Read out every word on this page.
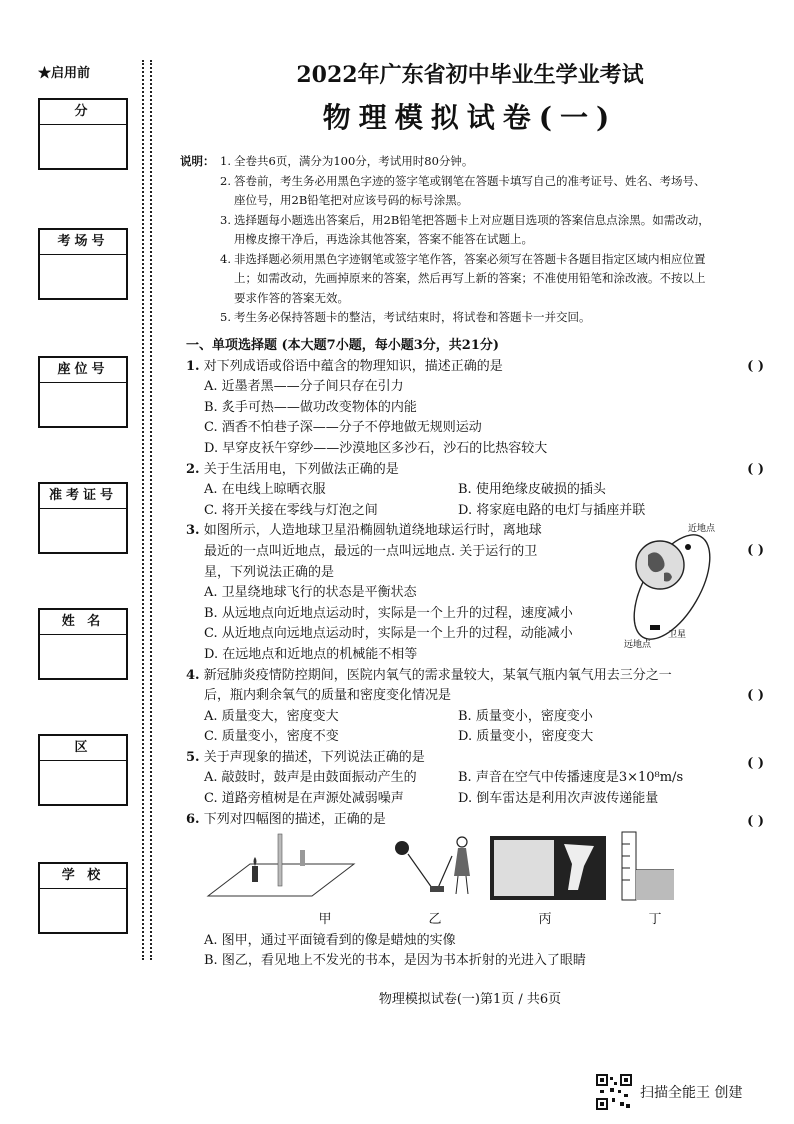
★启用前
分
考场号
座位号
准考证号
姓 名
区
学 校
2022年广东省初中毕业生学业考试
物理模拟试卷(一)
说明： 1. 全卷共6页，满分为100分，考试用时80分钟。
2. 答卷前，考生务必用黑色字迹的签字笔或钢笔在答题卡填写自己的准考证号、姓名、考场号、
座位号，用2B铅笔把对应该号码的标号涂黑。
3. 选择题每小题选出答案后，用2B铅笔把答题卡上对应题目选项的答案信息点涂黑。如需改动，
用橡皮擦干净后，再选涂其他答案，答案不能答在试题上。
4. 非选择题必须用黑色字迹钢笔或签字笔作答，答案必须写在答题卡各题目指定区域内相应位置
上；如需改动，先画掉原来的答案，然后再写上新的答案；不准使用铅笔和涂改液。不按以上
要求作答的答案无效。
5. 考生务必保持答题卡的整洁，考试结束时，将试卷和答题卡一并交回。
一、单项选择题 (本大题7小题，每小题3分，共21分)
( )
1. 对下列成语或俗语中蕴含的物理知识，描述正确的是
A. 近墨者黑——分子间只存在引力
B. 炙手可热——做功改变物体的内能
C. 酒香不怕巷子深——分子不停地做无规则运动
D. 早穿皮袄午穿纱——沙漠地区多沙石，沙石的比热容较大
( )
2. 关于生活用电，下列做法正确的是
A. 在电线上晾晒衣服	B. 使用绝缘皮破损的插头
C. 将开关接在零线与灯泡之间	D. 将家庭电路的电灯与插座并联
( )
3. 如图所示，人造地球卫星沿椭圆轨道绕地球运行时，离地球
最近的一点叫近地点，最远的一点叫远地点. 关于运行的卫
星，下列说法正确的是
A. 卫星绕地球飞行的状态是平衡状态
B. 从远地点向近地点运动时，实际是一个上升的过程，速度减小
C. 从近地点向远地点运动时，实际是一个上升的过程，动能减小
D. 在远地点和近地点的机械能不相等
近地点
卫星
远地点
( )
4. 新冠肺炎疫情防控期间，医院内氧气的需求量较大，某氧气瓶内氧气用去三分之一
后，瓶内剩余氧气的质量和密度变化情况是
A. 质量变大，密度变大	B. 质量变小，密度变小
C. 质量变小，密度不变	D. 质量变小，密度变大
( )
5. 关于声现象的描述，下列说法正确的是
A. 敲鼓时，鼓声是由鼓面振动产生的	B. 声音在空气中传播速度是3×10⁸m/s
C. 道路旁植树是在声源处减弱噪声	D. 倒车雷达是利用次声波传递能量
( )
6. 下列对四幅图的描述，正确的是
甲	乙	丙	丁
A. 图甲，通过平面镜看到的像是蜡烛的实像
B. 图乙，看见地上不发光的书本，是因为书本折射的光进入了眼睛
物理模拟试卷(一)第1页 / 共6页
扫描全能王 创建
